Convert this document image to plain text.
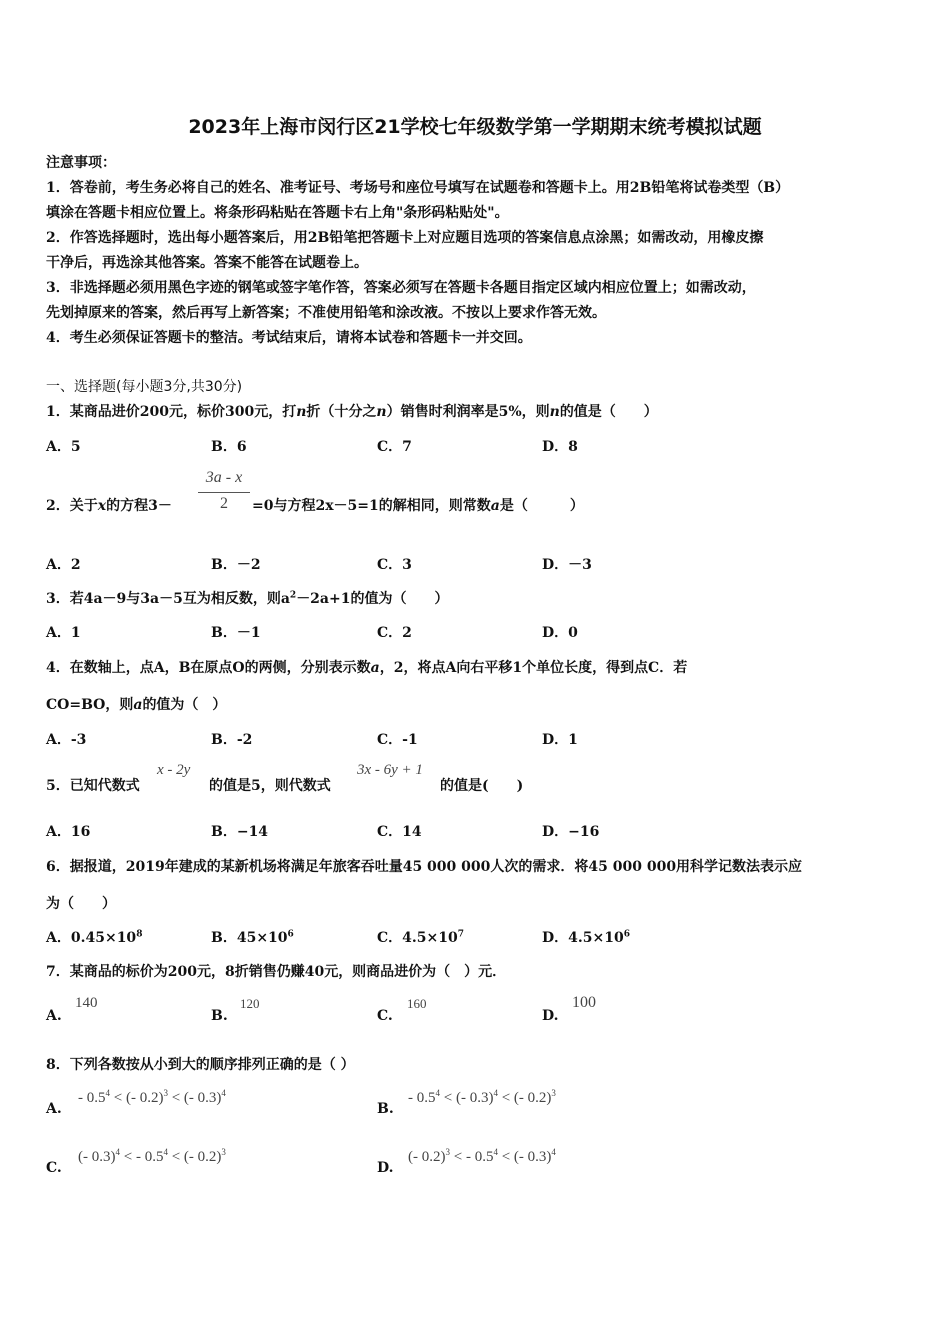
2023年上海市闵行区21学校七年级数学第一学期期末统考模拟试题
注意事项：
1．答卷前，考生务必将自己的姓名、准考证号、考场号和座位号填写在试题卷和答题卡上。用2B铅笔将试卷类型（B）
填涂在答题卡相应位置上。将条形码粘贴在答题卡右上角"条形码粘贴处"。
2．作答选择题时，选出每小题答案后，用2B铅笔把答题卡上对应题目选项的答案信息点涂黑；如需改动，用橡皮擦
干净后，再选涂其他答案。答案不能答在试题卷上。
3．非选择题必须用黑色字迹的钢笔或签字笔作答，答案必须写在答题卡各题目指定区域内相应位置上；如需改动，
先划掉原来的答案，然后再写上新答案；不准使用铅笔和涂改液。不按以上要求作答无效。
4．考生必须保证答题卡的整洁。考试结束后，请将本试卷和答题卡一并交回。
一、选择题(每小题3分,共30分)
1．某商品进价200元，标价300元，打n折（十分之n）销售时利润率是5%，则n的值是（　　）
A．5	B．6	C．7	D．8
2．关于x的方程3－
3a - x
2	=0与方程2x－5=1的解相同，则常数a是（　　　）
A．2	B．－2	C．3	D．－3
3．若4a－9与3a－5互为相反数，则$a^2-2a+1$的值为（　　）
A．1	B．－1	C．2	D．0
4．在数轴上，点A，B在原点O的两侧，分别表示数a，2，将点A向右平移1个单位长度，得到点C．若
CO=BO，则a的值为（　）
A．-3	B．-2	C．-1	D．1
5．已知代数式
x - 2y
的值是5，则代数式
3x - 6y + 1
的值是(　　)
A．16	B．−14	C．14	D．−16
6．据报道，2019年建成的某新机场将满足年旅客吞吐量45 000 000人次的需求．将45 000 000用科学记数法表示应
为（　　）
A．$0.45\times 10^8$	B．$45\times 10^6$	C．$4.5\times 10^7$	D．$4.5\times 10^6$
7．某商品的标价为200元，8折销售仍赚40元，则商品进价为（　）元．
A.
140
B.
120
C.
160
D.
100
8．下列各数按从小到大的顺序排列正确的是（ ）
A.
- $0.5^4$ < (- 0.2)$^3$ < (- 0.3)$^4$
B.
- $0.5^4$ < (- 0.3)$^4$ < (- 0.2)$^3$
C.
(- 0.3)$^4$ < - $0.5^4$ < (- 0.2)$^3$
D.
(- 0.2)$^3$ < - $0.5^4$ < (- 0.3)$^4$
